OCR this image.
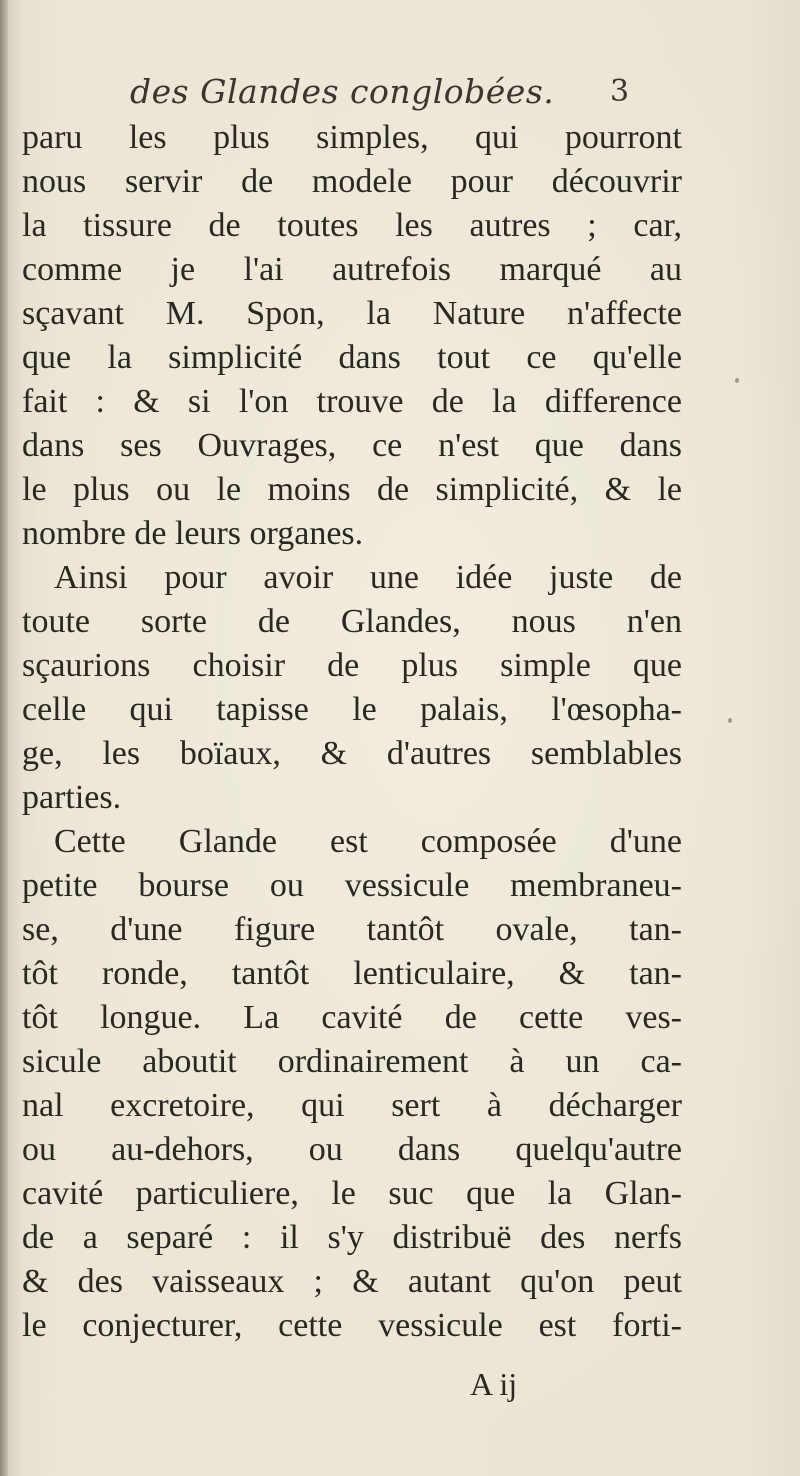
des Glandes conglobées. 3
paru les plus simples, qui pourront
nous servir de modele pour découvrir
la tissure de toutes les autres ; car,
comme je l'ai autrefois marqué au
sçavant M. Spon, la Nature n'affecte
que la simplicité dans tout ce qu'elle
fait : & si l'on trouve de la difference
dans ses Ouvrages, ce n'est que dans
le plus ou le moins de simplicité, & le
nombre de leurs organes.
Ainsi pour avoir une idée juste de
toute sorte de Glandes, nous n'en
sçaurions choisir de plus simple que
celle qui tapisse le palais, l'œsopha-
ge, les boïaux, & d'autres semblables
parties.
Cette Glande est composée d'une
petite bourse ou vessicule membraneu-
se, d'une figure tantôt ovale, tan-
tôt ronde, tantôt lenticulaire, & tan-
tôt longue. La cavité de cette ves-
sicule aboutit ordinairement à un ca-
nal excretoire, qui sert à décharger
ou au-dehors, ou dans quelqu'autre
cavité particuliere, le suc que la Glan-
de a separé : il s'y distribuë des nerfs
& des vaisseaux ; & autant qu'on peut
le conjecturer, cette vessicule est forti-
A ij
